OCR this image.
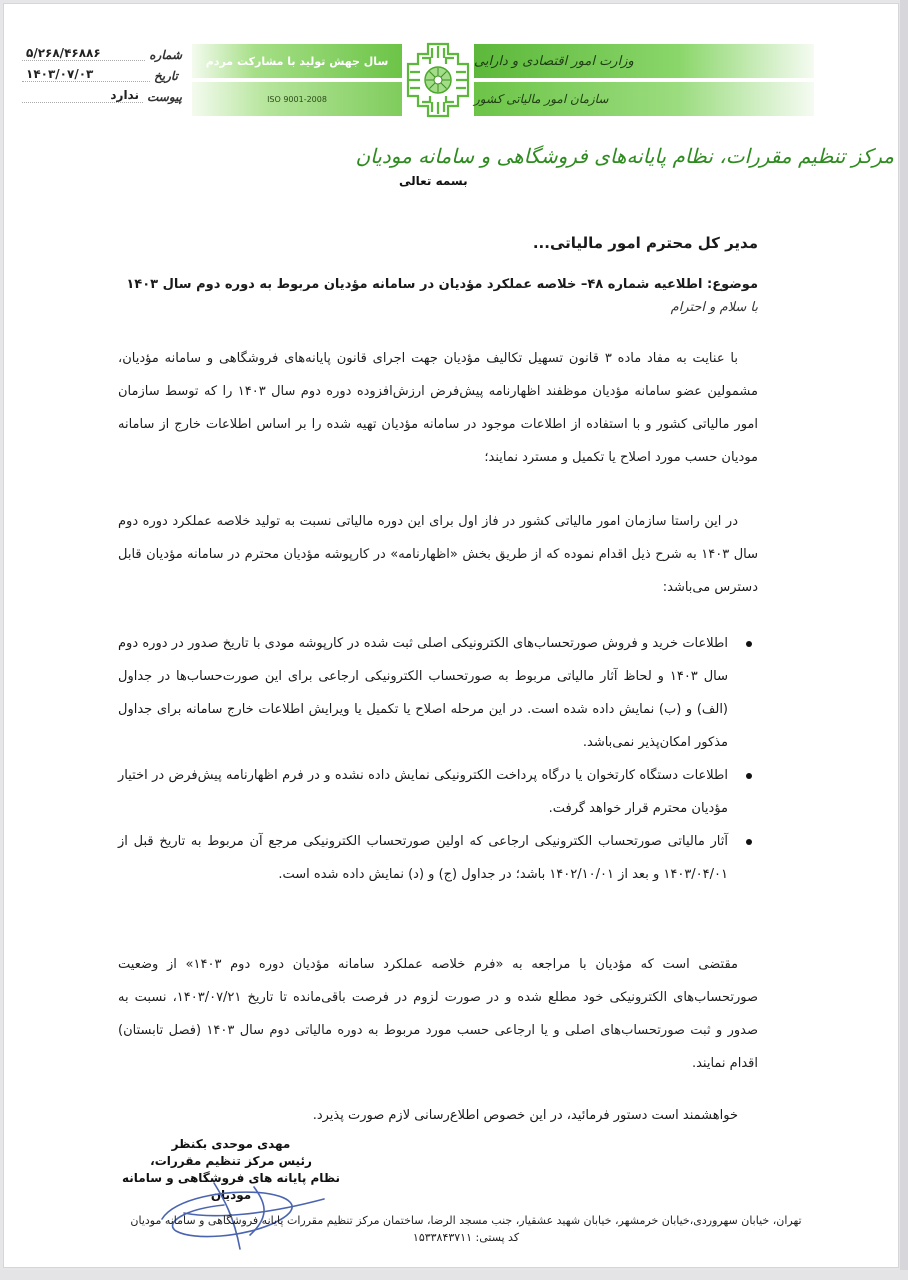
۵/۲۶۸/۴۶۸۸۶	شماره
۱۴۰۳/۰۷/۰۳	تاریخ
ندارد پیوست
سال جهش تولید با مشارکت مردم
ISO 9001-2008
وزارت امور اقتصادی و دارایی
سازمان امور مالیاتی کشور
مرکز تنظیم مقررات، نظام پایانه‌های فروشگاهی و سامانه مودیان
بسمه تعالی
مدیر کل محترم امور مالیاتی...
موضوع: اطلاعیه شماره ۴۸– خلاصه عملکرد مؤدیان در سامانه مؤدیان مربوط به دوره دوم سال ۱۴۰۳
با سلام و احترام

با عنایت به مفاد ماده ۳ قانون تسهیل تکالیف مؤدیان جهت اجرای قانون پایانه‌های فروشگاهی و سامانه مؤدیان، مشمولین عضو سامانه مؤدیان موظفند اظهارنامه پیش‌فرض ارزش‌افزوده دوره دوم سال ۱۴۰۳ را که توسط سازمان امور مالیاتی کشور و با استفاده از اطلاعات موجود در سامانه مؤدیان تهیه شده را بر اساس اطلاعات خارج از سامانه مودیان حسب مورد اصلاح یا تکمیل و مسترد نمایند؛

در این راستا سازمان امور مالیاتی کشور در فاز اول برای این دوره مالیاتی نسبت به تولید خلاصه عملکرد دوره دوم سال ۱۴۰۳ به شرح ذیل اقدام نموده که از طریق بخش «اظهارنامه» در کارپوشه مؤدیان محترم در سامانه مؤدیان قابل دسترس می‌باشد:

اطلاعات خرید و فروش صورتحساب‌های الکترونیکی اصلی ثبت شده در کارپوشه مودی با تاریخ صدور در دوره دوم سال ۱۴۰۳ و لحاظ آثار مالیاتی مربوط به صورتحساب الکترونیکی ارجاعی برای این صورت‌حساب‌ها در جداول (الف) و (ب) نمایش داده شده است. در این مرحله اصلاح یا تکمیل یا ویرایش اطلاعات خارج سامانه برای جداول مذکور امکان‌پذیر نمی‌باشد.
اطلاعات دستگاه کارتخوان یا درگاه پرداخت الکترونیکی نمایش داده نشده و در فرم اظهارنامه پیش‌فرض در اختیار مؤدیان محترم قرار خواهد گرفت.
آثار مالیاتی صورتحساب الکترونیکی ارجاعی که اولین صورتحساب الکترونیکی مرجع آن مربوط به تاریخ قبل از ۱۴۰۳/۰۴/۰۱ و بعد از ۱۴۰۲/۱۰/۰۱ باشد؛ در جداول (ج) و (د) نمایش داده شده است.

مقتضی است که مؤدیان با مراجعه به «فرم خلاصه عملکرد سامانه مؤدیان دوره دوم ۱۴۰۳» از وضعیت صورتحساب‌های الکترونیکی خود مطلع شده و در صورت لزوم در فرصت باقی‌مانده تا تاریخ ۱۴۰۳/۰۷/۲۱، نسبت به صدور و ثبت صورتحساب‌های اصلی و یا ارجاعی حسب مورد مربوط به دوره مالیاتی دوم سال ۱۴۰۳ (فصل تابستان) اقدام نمایند.

خواهشمند است دستور فرمائید، در این خصوص اطلاع‌رسانی لازم صورت پذیرد.
مهدی موحدی بکنظر
رئیس مرکز تنظیم مقررات،
نظام پایانه های فروشگاهی و سامانه مودیان
تهران، خیابان سهروردی،خیابان خرمشهر، خیابان شهید عشقیار، جنب مسجد الرضا، ساختمان مرکز تنظیم مقررات پایانه فروشگاهی و سامانه مودیان
کد پستی: ۱۵۳۳۸۴۳۷۱۱
